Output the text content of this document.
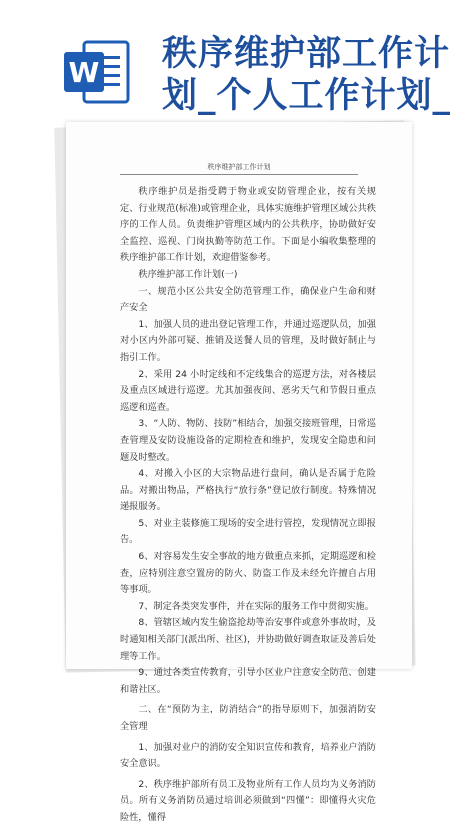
W 秩序维护部工作计
划_个人工作计划_
秩序维护部工作计划

秩序维护员是指受聘于物业或安防管理企业，按有关规定、行业规范(标准)或管理企业，具体实施维护管理区域公共秩序的工作人员。负责维护管理区域内的公共秩序，协助做好安全监控、巡视、门岗执勤等防范工作。下面是小编收集整理的秩序维护部工作计划，欢迎借鉴参考。

秩序维护部工作计划(一)

一、规范小区公共安全防范管理工作，确保业户生命和财产安全

1、加强人员的进出登记管理工作，并通过巡逻队员，加强对小区内外部可疑、推销及送餐人员的管理，及时做好制止与指引工作。

2、采用 24 小时定线和不定线集合的巡逻方法，对各楼层及重点区域进行巡逻。尤其加强夜间、恶劣天气和节假日重点巡逻和巡查。

3、“人防、物防、技防”相结合，加强交接班管理，日常巡查管理及安防设施设备的定期检查和维护，发现安全隐患和问题及时整改。

4、对搬入小区的大宗物品进行盘问，确认是否属于危险品。对搬出物品，严格执行“放行条”登记放行制度。特殊情况递报服务。

5、对业主装修施工现场的安全进行管控，发现情况立即报告。

6、对容易发生安全事故的地方做重点来抓，定期巡逻和检查，应特别注意空置房的防火、防盗工作及未经允许擅自占用等事项。

7、制定各类突发事件，并在实际的服务工作中贯彻实施。

8、管辖区域内发生偷盗抢劫等治安事件或意外事故时，及时通知相关部门(派出所、社区)，并协助做好调查取证及善后处理等工作。

9、通过各类宣传教育，引导小区业户注意安全防范、创建和谐社区。

二、在“预防为主，防消结合”的指导原则下，加强消防安全管理

1、加强对业户的消防安全知识宣传和教育，培养业户消防安全意识。

2、秩序维护部所有员工及物业所有工作人员均为义务消防员。所有义务消防员通过培训必须做到“四懂”：即懂得火灾危险性，懂得
